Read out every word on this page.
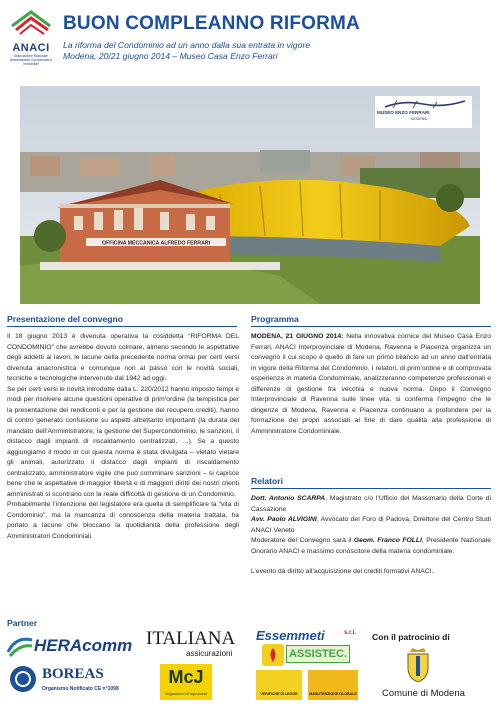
ANACI
Associazione Nazionale Amministratori Condominiali e Immobiliari
BUON COMPLEANNO RIFORMA
La riforma del Condominio ad un anno dalla sua entrata in vigore
Modena, 20/21 giugno 2014 – Museo Casa Enzo Ferrari
OFFICINA MECCANICA ALFREDO FERRARI
MUSEO ENZO FERRARI
MODENA
Presentazione del convegno
Il 18 giugno 2013 è divenuta operativa la cosiddetta “RIFORMA DEL CONDOMINIO” che avrebbe dovuto colmare, almeno secondo le aspettative degli addetti ai lavori, le lacune della precedente norma ormai per certi versi divenuta anacronistica e comunque non al passo con le novità sociali, tecniche e tecnologiche intervenute dal 1942 ad oggi.
Se per certi versi le novità introdotte dalla L. 220/2012 hanno imposto tempi e modi per risolvere alcune questioni operative di prim’ordine (la tempistica per la presentazione dei rendiconti e per la gestione del recupero crediti), hanno di contro generato confusione su aspetti altrettanto importanti (la durata del mandato dell’Amministratore, la gestione del Supercondominio, le sanzioni, il distacco dagli impianti di riscaldamento centralizzati, …). Se a questo aggiungiamo il modo in cui questa norma è stata divulgata – vietato vietare gli animali, autorizzato il distacco dagli impianti di riscaldamento centralizzato, amministratore vigile che può comminare sanzioni – si capisce bene che le aspettative di maggior libertà e di maggiori diritti dei nostri clienti amministrati si scontrano con la reale difficoltà di gestione di un Condominio.
Probabilmente l’intenzione del legislatore era quella di semplificare la “vita di Condominio”, ma la mancanza di conoscenza della materia trattata, ha portato a lacune che bloccano la quotidianità della professione degli Amministratori Condominiali.
Programma
MODENA, 21 GIUGNO 2014: Nella innovativa cornice del Museo Casa Enzo Ferrari, ANACI Interprovinciale di Modena, Ravenna e Piacenza organizza un convegno il cui scopo è quello di fare un primo bilancio ad un anno dall’entrata in vigore della Riforma del Condominio. I relatori, di prim’ordine e di comprovata esperienza in materia Condominiale, analizzeranno competenze professionali e differenze di gestione fra vecchia e nuova norma. Dopo il Convegno Interprovinciale di Ravenna sulle linee vita, si conferma l’impegno che le dirigenze di Modena, Ravenna e Piacenza continuano a profondere per la formazione dei propri associati al fine di dare qualità alla professione di Amministratore Condominiale.
Relatori
Dott. Antonio SCARPA, Magistrato c/o l’Ufficio del Massimario della Corte di Cassazione
Avv. Paolo ALVIGINI, Avvocato del Foro di Padova, Direttore del Centro Studi ANACI Veneto
Moderatore del Convegno sarà il Geom. Franco FOLLI, Presidente Nazionale Onorario ANACI e massimo conoscitore della materia condominiale.
L’evento dà diritto all’acquisizione dei crediti formativi ANACI.
Partner
HERAcomm
BOREAS
Organismo Notificato CE n°1098
ITALIANA
assicurazioni
McJ
Organismo di Ispezione
Essemmeti	s.r.l.
ASSISTEC.
VERIFICHE DI LEGGE	MANUTENZIONE GLOBALE
Con il patrocinio di
Comune di Modena
